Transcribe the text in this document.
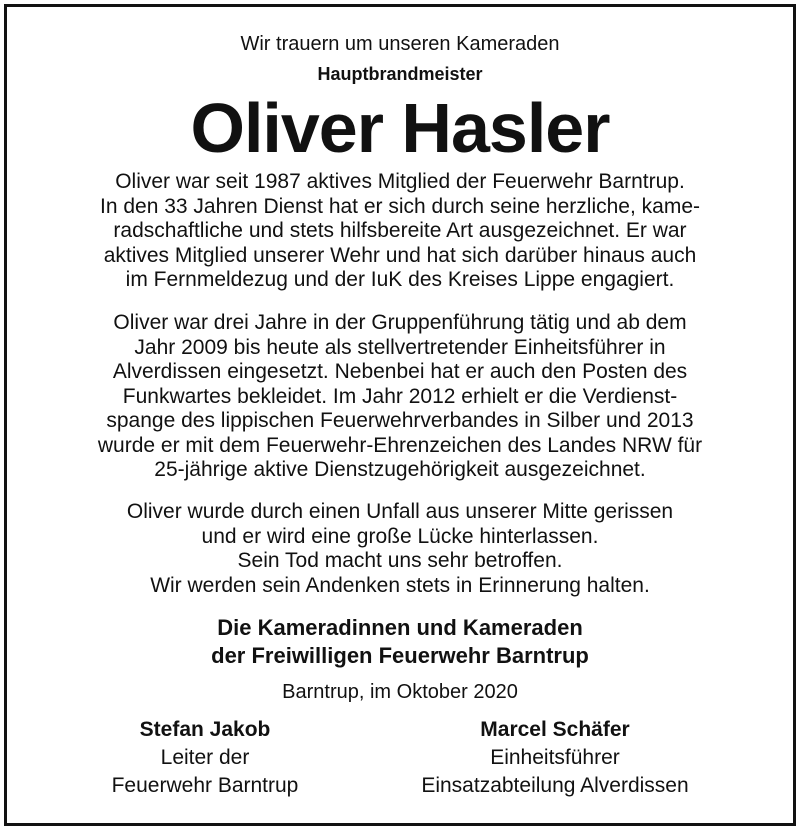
Wir trauern um unseren Kameraden
Hauptbrandmeister
Oliver Hasler
Oliver war seit 1987 aktives Mitglied der Feuerwehr Barntrup.
In den 33 Jahren Dienst hat er sich durch seine herzliche, kame-
radschaftliche und stets hilfsbereite Art ausgezeichnet. Er war
aktives Mitglied unserer Wehr und hat sich darüber hinaus auch
im Fernmeldezug und der IuK des Kreises Lippe engagiert.
Oliver war drei Jahre in der Gruppenführung tätig und ab dem
Jahr 2009 bis heute als stellvertretender Einheitsführer in
Alverdissen eingesetzt. Nebenbei hat er auch den Posten des
Funkwartes bekleidet. Im Jahr 2012 erhielt er die Verdienst-
spange des lippischen Feuerwehrverbandes in Silber und 2013
wurde er mit dem Feuerwehr-Ehrenzeichen des Landes NRW für
25-jährige aktive Dienstzugehörigkeit ausgezeichnet.
Oliver wurde durch einen Unfall aus unserer Mitte gerissen
und er wird eine große Lücke hinterlassen.
Sein Tod macht uns sehr betroffen.
Wir werden sein Andenken stets in Erinnerung halten.
Die Kameradinnen und Kameraden
der Freiwilligen Feuerwehr Barntrup
Barntrup, im Oktober 2020
Stefan Jakob
Leiter der
Feuerwehr Barntrup
Marcel Schäfer
Einheitsführer
Einsatzabteilung Alverdissen
